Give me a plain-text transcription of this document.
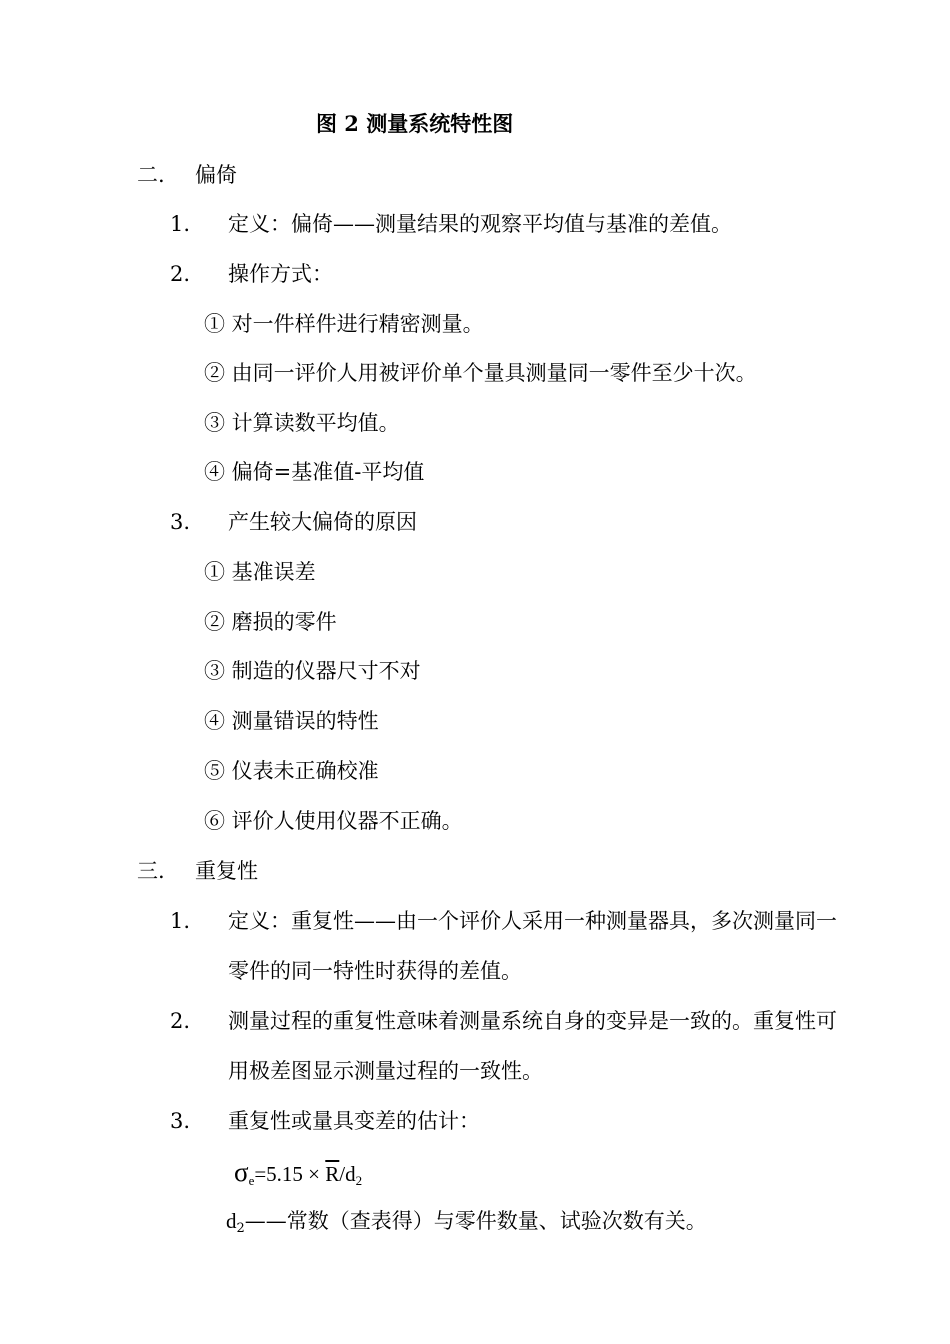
图 2 测量系统特性图
二. 偏倚
1. 定义：偏倚——测量结果的观察平均值与基准的差值。
2. 操作方式：
① 对一件样件进行精密测量。
② 由同一评价人用被评价单个量具测量同一零件至少十次。
③ 计算读数平均值。
④ 偏倚=基准值-平均值
3. 产生较大偏倚的原因
① 基准误差
② 磨损的零件
③ 制造的仪器尺寸不对
④ 测量错误的特性
⑤ 仪表未正确校准
⑥ 评价人使用仪器不正确。
三. 重复性
1. 定义：重复性——由一个评价人采用一种测量器具，多次测量同一
零件的同一特性时获得的差值。
2. 测量过程的重复性意味着测量系统自身的变异是一致的。重复性可
用极差图显示测量过程的一致性。
3. 重复性或量具变差的估计：
$\sigma_e=5.15 \times \overline{R}/d_2$
$d_2——$常数（查表得）与零件数量、试验次数有关。
